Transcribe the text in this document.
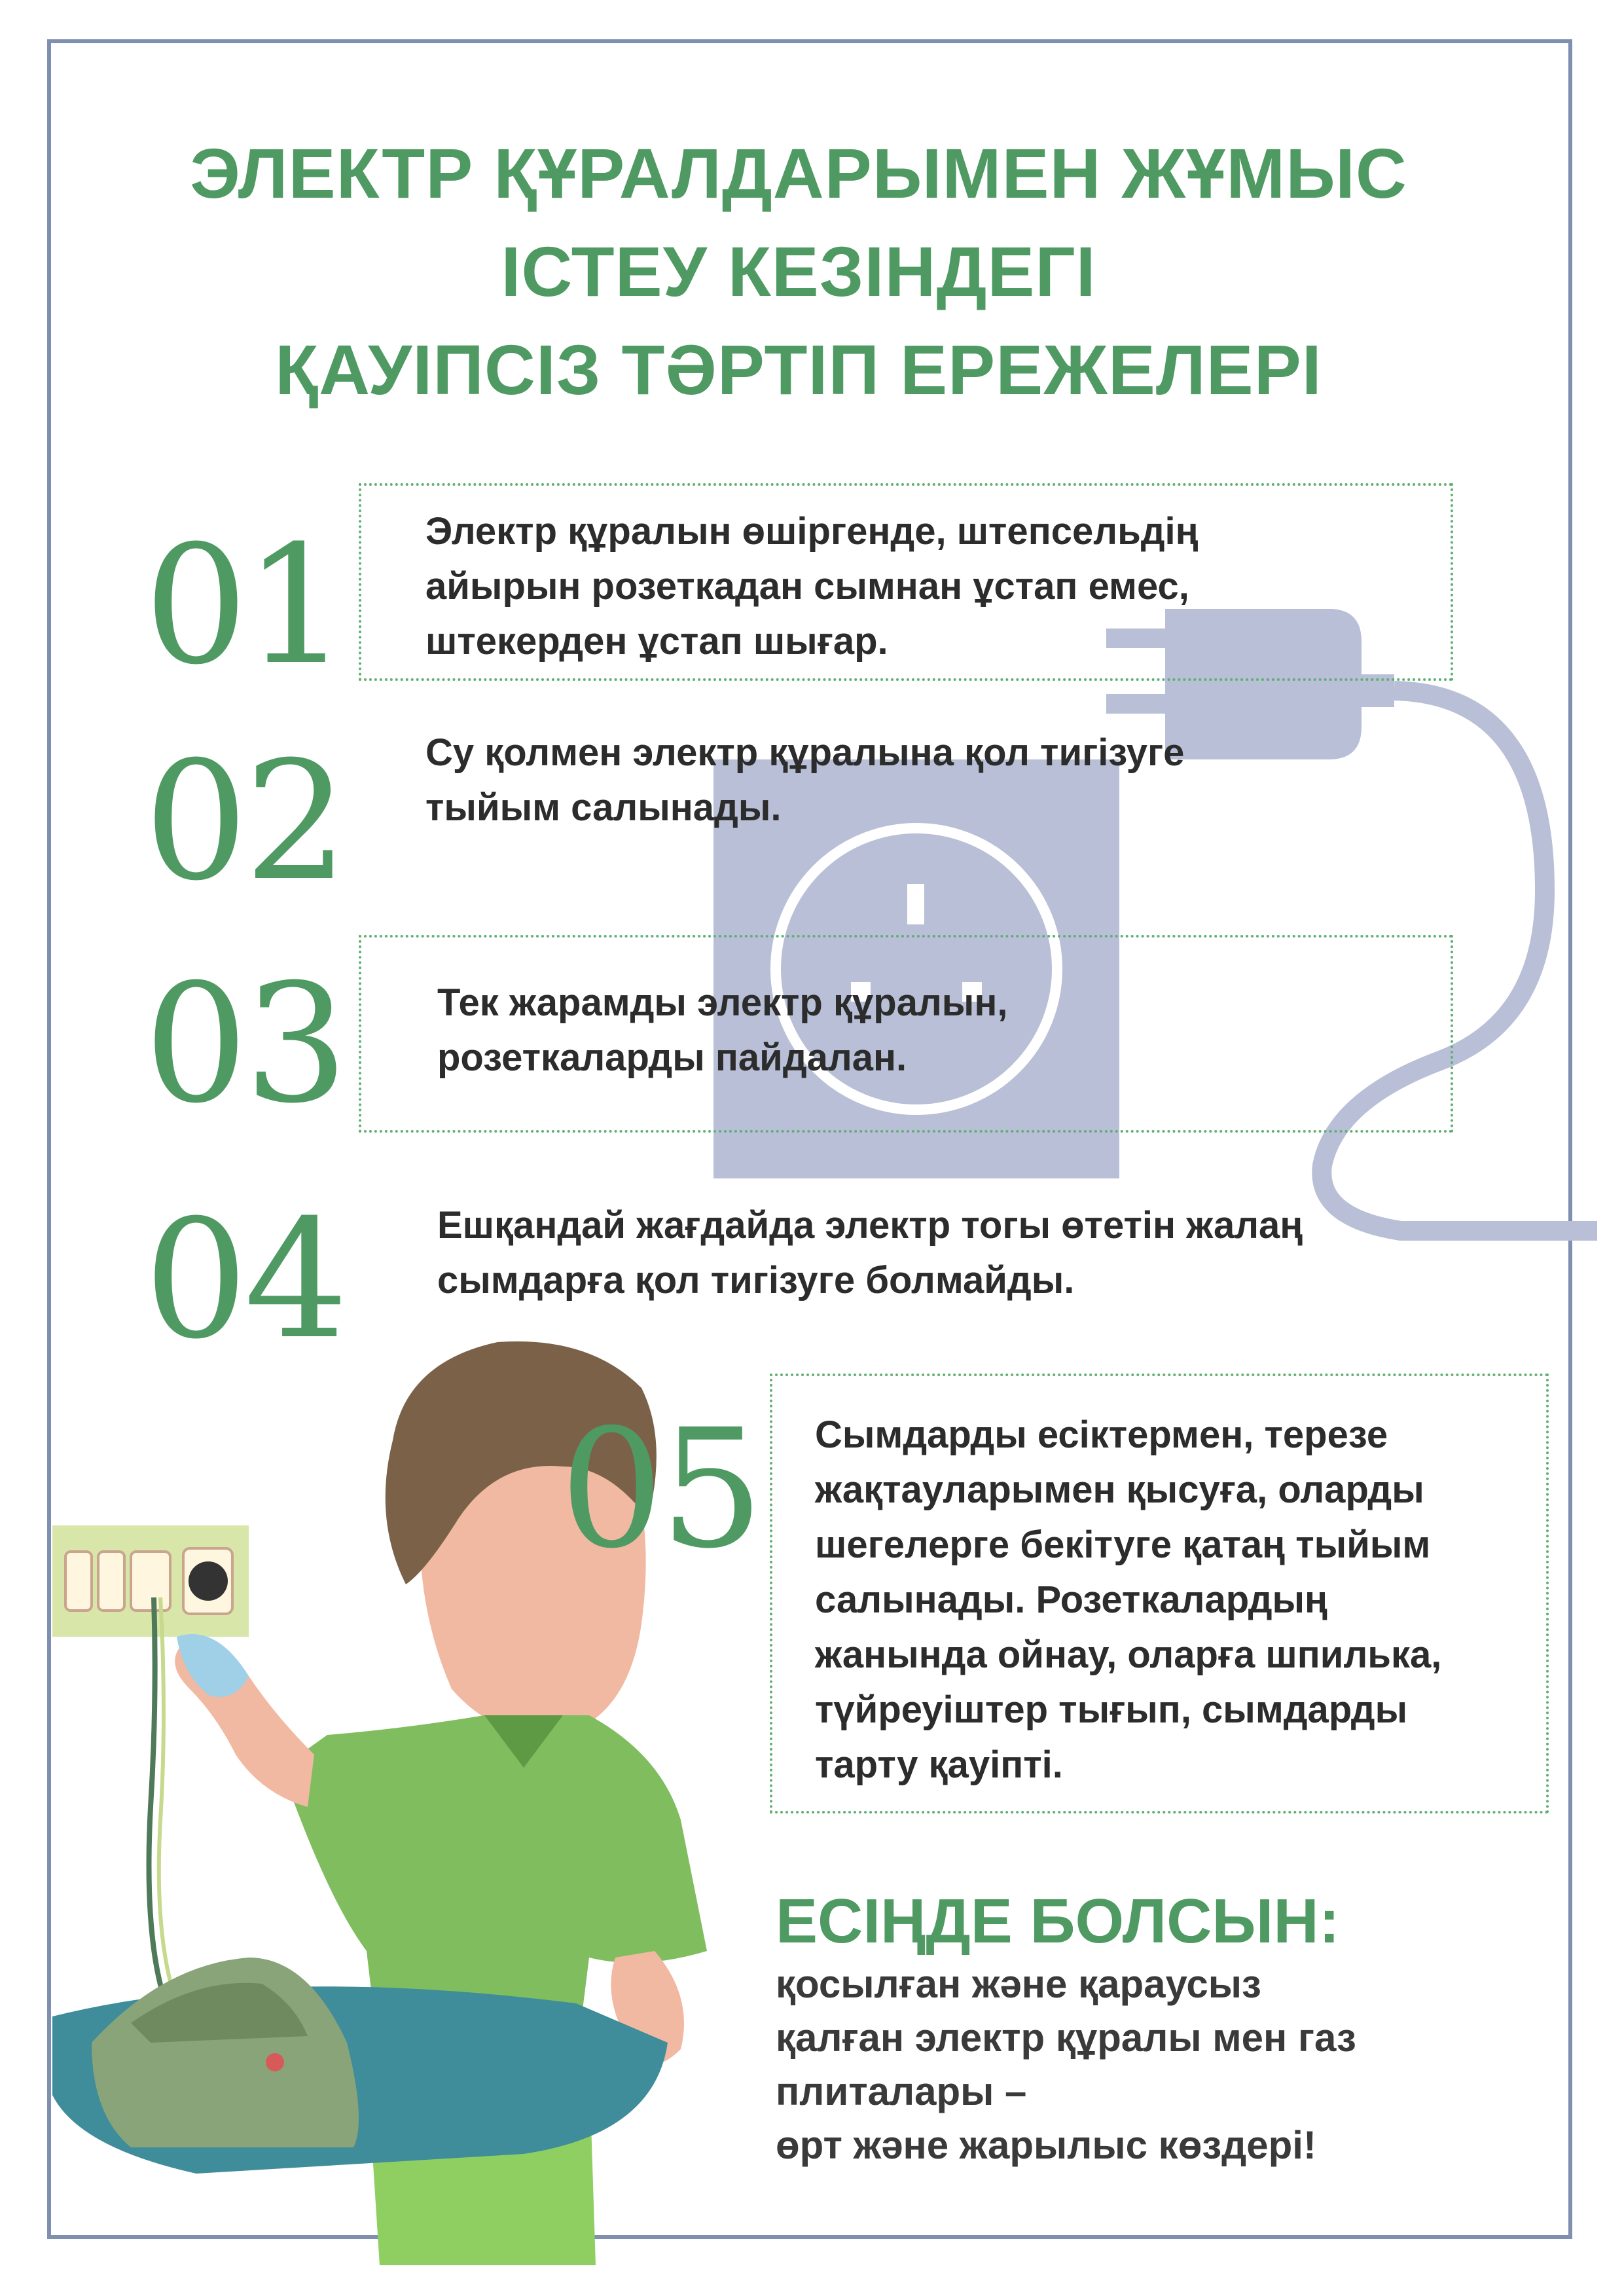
ЭЛЕКТР ҚҰРАЛДАРЫМЕН ЖҰМЫС
ІСТЕУ КЕЗІНДЕГІ
ҚАУІПСІЗ ТӘРТІП ЕРЕЖЕЛЕРІ
01 Электр құралын өшіргенде, штепсельдің
айырын розеткадан сымнан ұстап емес,
штекерден ұстап шығар.

02 Су қолмен электр құралына қол тигізуге
тыйым салынады.

03 Тек жарамды электр құралын,
розеткаларды пайдалан.

04 Ешқандай жағдайда электр тогы өтетін жалаң
сымдарға қол тигізуге болмайды.

05 Сымдарды есіктермен, терезе
жақтауларымен қысуға, оларды
шегелерге бекітуге қатаң тыйым
салынады. Розеткалардың
жанында ойнау, оларға шпилька,
түйреуіштер тығып, сымдарды
тарту қауіпті.

ЕСІҢДЕ БОЛСЫН:

қосылған және қараусыз
қалған электр құралы мен газ
плиталары –
өрт және жарылыс көздері!
